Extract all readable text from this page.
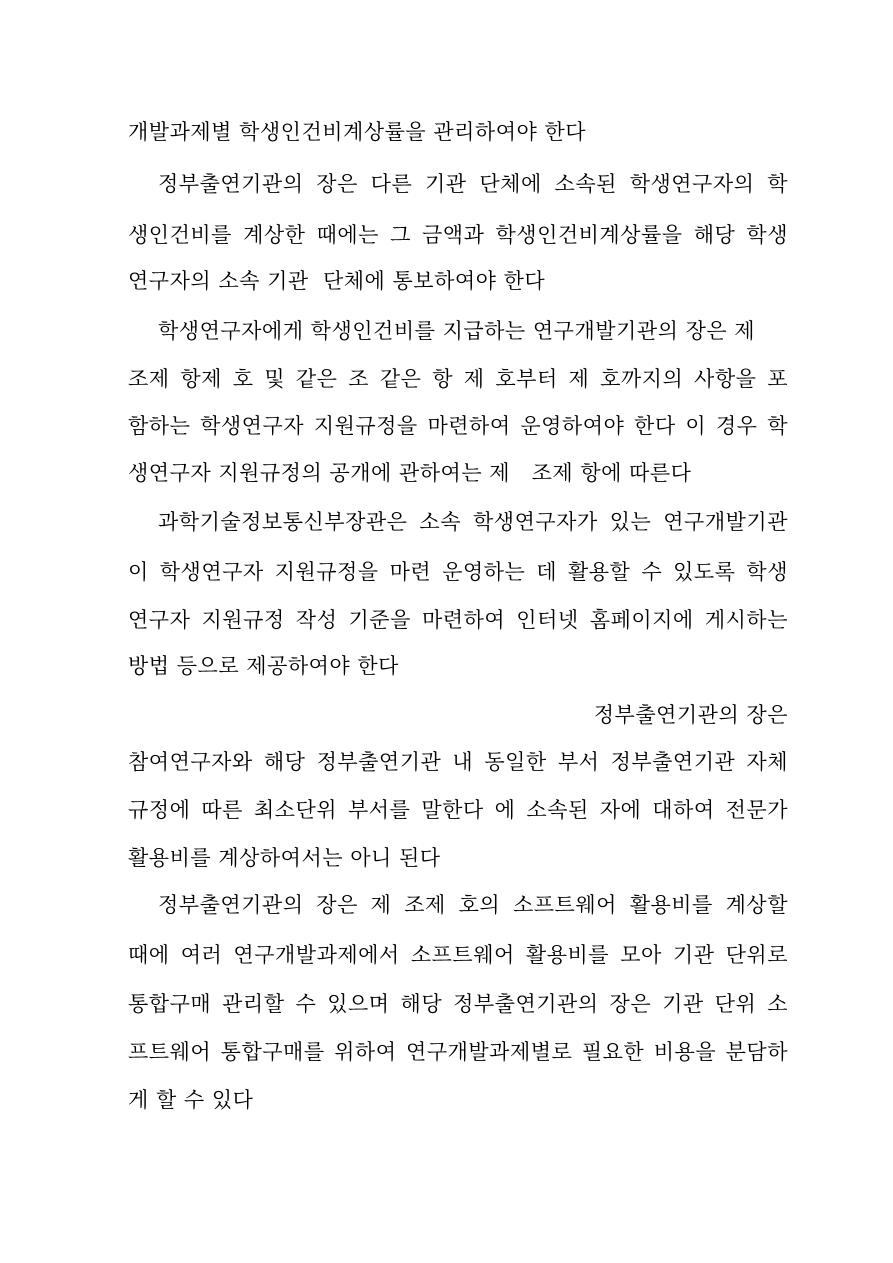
개발과제별 학생인건비계상률을 관리하여야 한다
정부출연기관의 장은 다른 기관 단체에 소속된 학생연구자의 학
생인건비를 계상한 때에는 그 금액과 학생인건비계상률을 해당 학생
연구자의 소속 기관  단체에 통보하여야 한다
학생연구자에게 학생인건비를 지급하는 연구개발기관의 장은 제
조제 항제 호 및 같은 조 같은 항 제 호부터 제 호까지의 사항을 포
함하는 학생연구자 지원규정을 마련하여 운영하여야 한다 이 경우 학
생연구자 지원규정의 공개에 관하여는 제   조제 항에 따른다
과학기술정보통신부장관은 소속 학생연구자가 있는 연구개발기관
이 학생연구자 지원규정을 마련 운영하는 데 활용할 수 있도록 학생
연구자 지원규정 작성 기준을 마련하여 인터넷 홈페이지에 게시하는
방법 등으로 제공하여야 한다
정부출연기관의 장은
참여연구자와 해당 정부출연기관 내 동일한 부서 정부출연기관 자체
규정에 따른 최소단위 부서를 말한다 에 소속된 자에 대하여 전문가
활용비를 계상하여서는 아니 된다
정부출연기관의 장은 제 조제 호의 소프트웨어 활용비를 계상할
때에 여러 연구개발과제에서 소프트웨어 활용비를 모아 기관 단위로
통합구매 관리할 수 있으며 해당 정부출연기관의 장은 기관 단위 소
프트웨어 통합구매를 위하여 연구개발과제별로 필요한 비용을 분담하
게 할 수 있다
